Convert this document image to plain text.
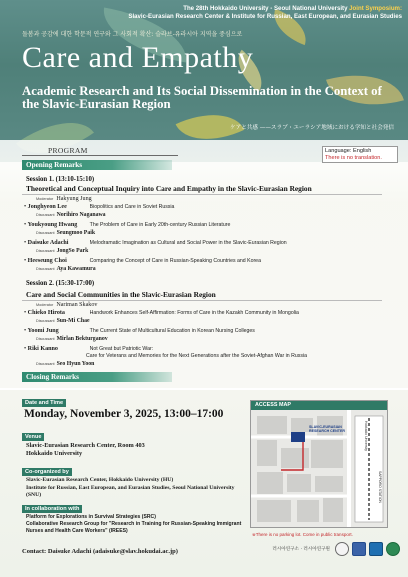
The 28th Hokkaido University - Seoul National University Joint Symposium:
Slavic-Eurasian Research Center & Institute for Russian, East European, and Eurasian Studies
돌봄과 공감에 대한 학문적 연구와 그 사회적 확산: 슬라브-유라시아 지역을 중심으로
Care and Empathy
Academic Research and Its Social Dissemination in the Context of the Slavic-Eurasian Region
ケアと共感 ——スラブ・ユーラシア地域における学知と社会発信
PROGRAM	Language: English
There is no translation.
Opening Remarks
Session 1. (13:10-15:10)
Theoretical and Conceptual Inquiry into Care and Empathy in the Slavic-Eurasian Region
Moderator Hakyung Jung
• Jonghyeon Lee	Biopolitics and Care in Soviet Russia
Discussant Norihiro Naganawa
• Youkyoung Hwang The Problem of Care in Early 20th-century Russian Literature
Discussant Seungmoo Paik
• Daisuke Adachi	Melodramatic Imagination as Cultural and Social Power in the Slavic-Eurasian Region
Discussant JongSo Park
• Heeseung Choi	Comparing the Concept of Care in Russian-Speaking Countries and Korea
Discussant Aya Kawamura
Session 2. (15:30-17:00)
Care and Social Communities in the Slavic-Eurasian Region
Moderator Nariman Skakov
• Chieko Hirota	Handwork Enhances Self-Affirmation: Forms of Care in the Kazakh Community in Mongolia
Discussant Sun-Mi Chae
• Yoomi Jung	The Current State of Multicultural Education in Korean Nursing Colleges
Discussant Mirlan Bekturganov
• Riki Kanno	Not Great but Patriotic War:
Care for Veterans and Memories for the Next Generations after the Soviet-Afghan War in Russia
Discussant Seo Hyun Yoon
Closing Remarks
Date and Time
Monday, November 3, 2025, 13:00–17:00
Venue
Slavic-Eurasian Research Center, Room 403
Hokkaido University
Co-organized by
Slavic-Eurasian Research Center, Hokkaido University (HU)
Institute for Russian, East European, and Eurasian Studies, Seoul National University (SNU)
In collaboration with
Platform for Explorations in Survival Strategies (SRC)
Collaborative Research Group for "Research in Training for Russian-Speaking Immigrant Nurses and Health Care Workers" (IREES)
Contact: Daisuke Adachi (adaisuke@slav.hokudai.ac.jp)
ACCESS MAP
SLAVIC-EURASIAN RESEARCH CENTER	Hokkaido University
SAPPORO STATION
※There is no parking lot. Come in public transport.
러시아연구소 · 러시아연구원
